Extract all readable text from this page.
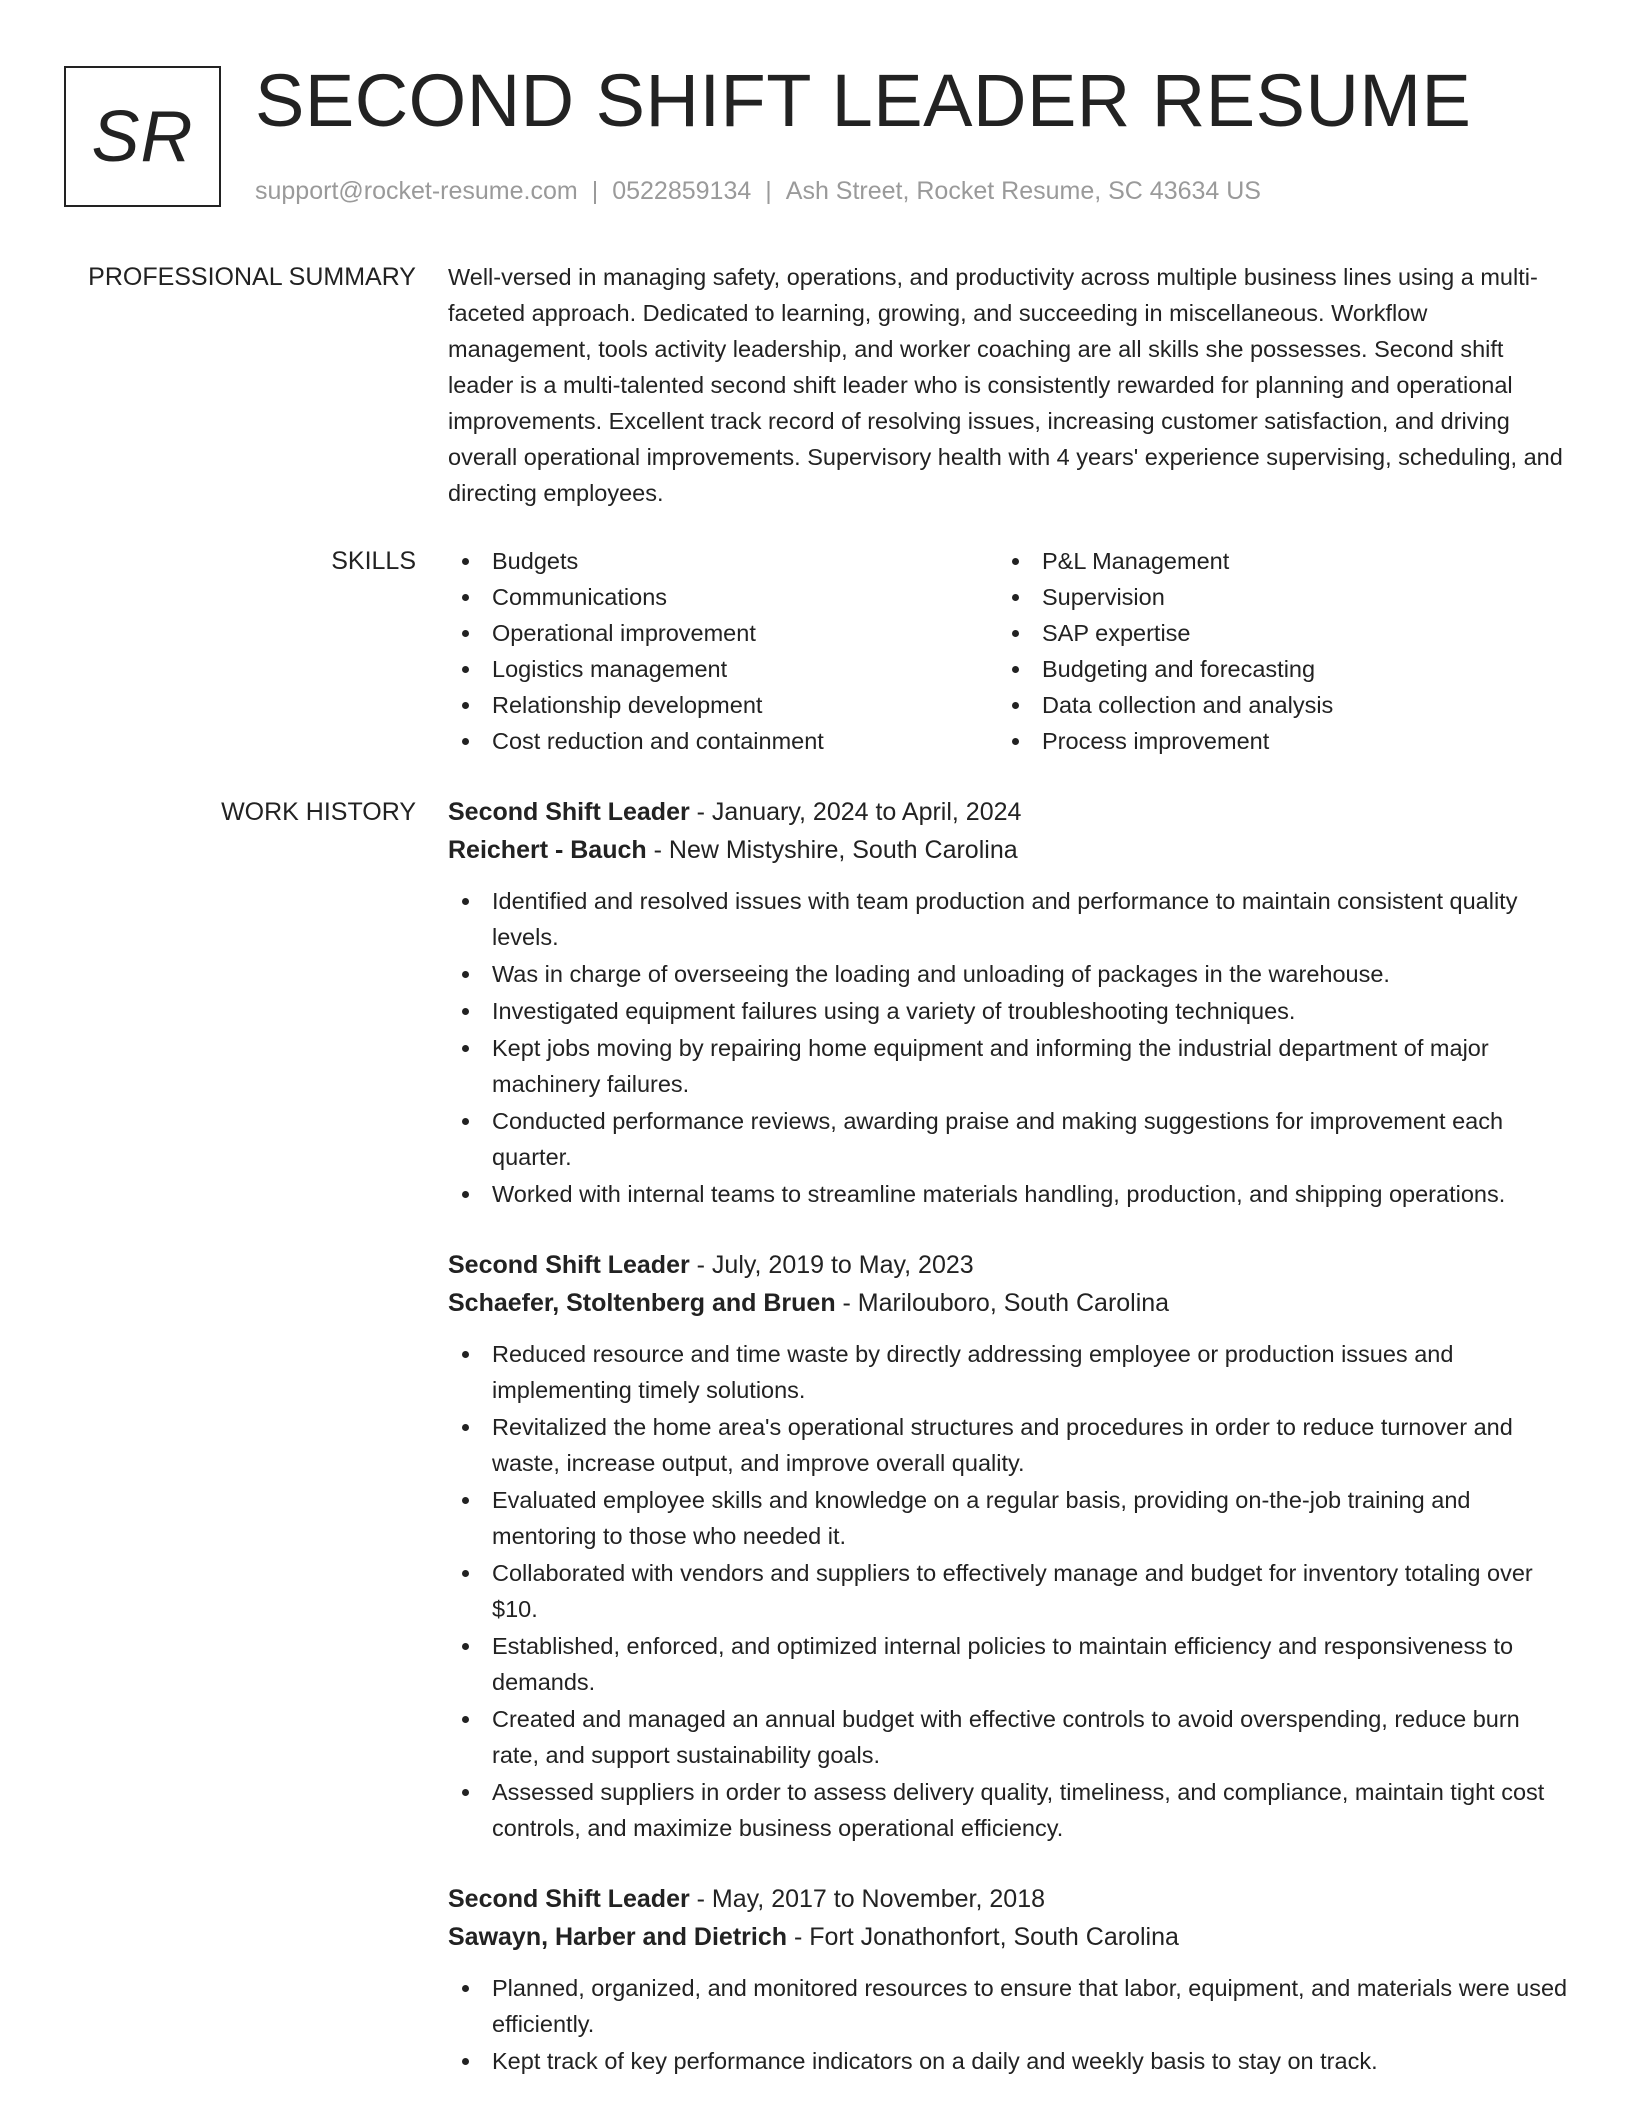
SR SECOND SHIFT LEADER RESUME
support@rocket-resume.com | 0522859134 | Ash Street, Rocket Resume, SC 43634 US
PROFESSIONAL SUMMARY Well-versed in managing safety, operations, and productivity across multiple business lines using a multi-faceted approach. Dedicated to learning, growing, and succeeding in miscellaneous. Workflow management, tools activity leadership, and worker coaching are all skills she possesses. Second shift leader is a multi-talented second shift leader who is consistently rewarded for planning and operational improvements. Excellent track record of resolving issues, increasing customer satisfaction, and driving overall operational improvements. Supervisory health with 4 years' experience supervising, scheduling, and directing employees.

SKILLS	Budgets
Communications
Operational improvement
Logistics management
Relationship development
Cost reduction and containment
P&L Management
Supervision
SAP expertise
Budgeting and forecasting
Data collection and analysis
Process improvement
WORK HISTORY Second Shift Leader - January, 2024 to April, 2024
Reichert - Bauch - New Mistyshire, South Carolina
Identified and resolved issues with team production and performance to maintain consistent quality levels.
Was in charge of overseeing the loading and unloading of packages in the warehouse.
Investigated equipment failures using a variety of troubleshooting techniques.
Kept jobs moving by repairing home equipment and informing the industrial department of major machinery failures.
Conducted performance reviews, awarding praise and making suggestions for improvement each quarter.
Worked with internal teams to streamline materials handling, production, and shipping operations.
Second Shift Leader - July, 2019 to May, 2023
Schaefer, Stoltenberg and Bruen - Marilouboro, South Carolina
Reduced resource and time waste by directly addressing employee or production issues and implementing timely solutions.
Revitalized the home area's operational structures and procedures in order to reduce turnover and waste, increase output, and improve overall quality.
Evaluated employee skills and knowledge on a regular basis, providing on-the-job training and mentoring to those who needed it.
Collaborated with vendors and suppliers to effectively manage and budget for inventory totaling over $10.
Established, enforced, and optimized internal policies to maintain efficiency and responsiveness to demands.
Created and managed an annual budget with effective controls to avoid overspending, reduce burn rate, and support sustainability goals.
Assessed suppliers in order to assess delivery quality, timeliness, and compliance, maintain tight cost controls, and maximize business operational efficiency.
Second Shift Leader - May, 2017 to November, 2018
Sawayn, Harber and Dietrich - Fort Jonathonfort, South Carolina
Planned, organized, and monitored resources to ensure that labor, equipment, and materials were used efficiently.
Kept track of key performance indicators on a daily and weekly basis to stay on track.
